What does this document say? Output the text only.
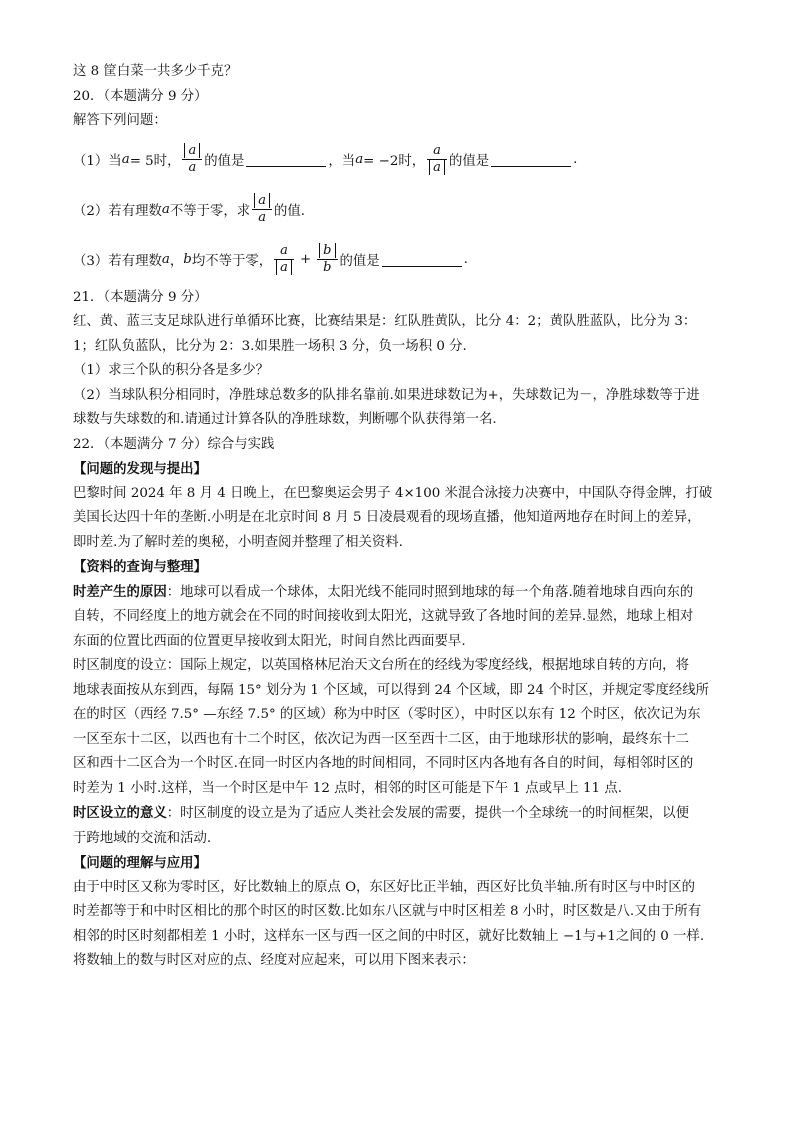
这 8 筐白菜一共多少千克？
20．（本题满分 9 分）
解答下列问题：
（1）当 a = 5时， $\frac{a}{a}$ 的值是	，当 a = −2时， $\frac{a}{a}$ 的值是	.
（2）若有理数 a 不等于零，求 $\frac{a}{a}$ 的值.
（3）若有理数 a ， b 均不等于零， $\frac{a}{a} + \frac{b}{b}$ 的值是	.
21．（本题满分 9 分）
红、黄、蓝三支足球队进行单循环比赛，比赛结果是：红队胜黄队，比分 4：2；黄队胜蓝队，比分为 3：
1；红队负蓝队，比分为 2：3.如果胜一场积 3 分，负一场积 0 分.
（1）求三个队的积分各是多少？
（2）当球队积分相同时，净胜球总数多的队排名靠前.如果进球数记为+，失球数记为－，净胜球数等于进
球数与失球数的和.请通过计算各队的净胜球数，判断哪个队获得第一名.
22．（本题满分 7 分）综合与实践
【问题的发现与提出】
巴黎时间 2024 年 8 月 4 日晚上，在巴黎奥运会男子 4×100 米混合泳接力决赛中，中国队夺得金牌，打破
美国长达四十年的垄断.小明是在北京时间 8 月 5 日凌晨观看的现场直播，他知道两地存在时间上的差异，
即时差.为了解时差的奥秘，小明查阅并整理了相关资料.
【资料的查询与整理】
时差产生的原因：地球可以看成一个球体，太阳光线不能同时照到地球的每一个角落.随着地球自西向东的
自转，不同经度上的地方就会在不同的时间接收到太阳光，这就导致了各地时间的差异.显然，地球上相对
东面的位置比西面的位置更早接收到太阳光，时间自然比西面要早.
时区制度的设立：国际上规定，以英国格林尼治天文台所在的经线为零度经线，根据地球自转的方向，将
地球表面按从东到西，每隔 15° 划分为 1 个区域，可以得到 24 个区域，即 24 个时区，并规定零度经线所
在的时区（西经 7.5° —东经 7.5° 的区域）称为中时区（零时区），中时区以东有 12 个时区，依次记为东
一区至东十二区，以西也有十二个时区，依次记为西一区至西十二区，由于地球形状的影响，最终东十二
区和西十二区合为一个时区.在同一时区内各地的时间相同，不同时区内各地有各自的时间，每相邻时区的
时差为 1 小时.这样，当一个时区是中午 12 点时，相邻的时区可能是下午 1 点或早上 11 点.
时区设立的意义：时区制度的设立是为了适应人类社会发展的需要，提供一个全球统一的时间框架，以便
于跨地域的交流和活动.
【问题的理解与应用】
由于中时区又称为零时区，好比数轴上的原点 O，东区好比正半轴，西区好比负半轴.所有时区与中时区的
时差都等于和中时区相比的那个时区的时区数.比如东八区就与中时区相差 8 小时，时区数是八.又由于所有
相邻的时区时刻都相差 1 小时，这样东一区与西一区之间的中时区，就好比数轴上 −1与+1之间的 0 一样.
将数轴上的数与时区对应的点、经度对应起来，可以用下图来表示：
